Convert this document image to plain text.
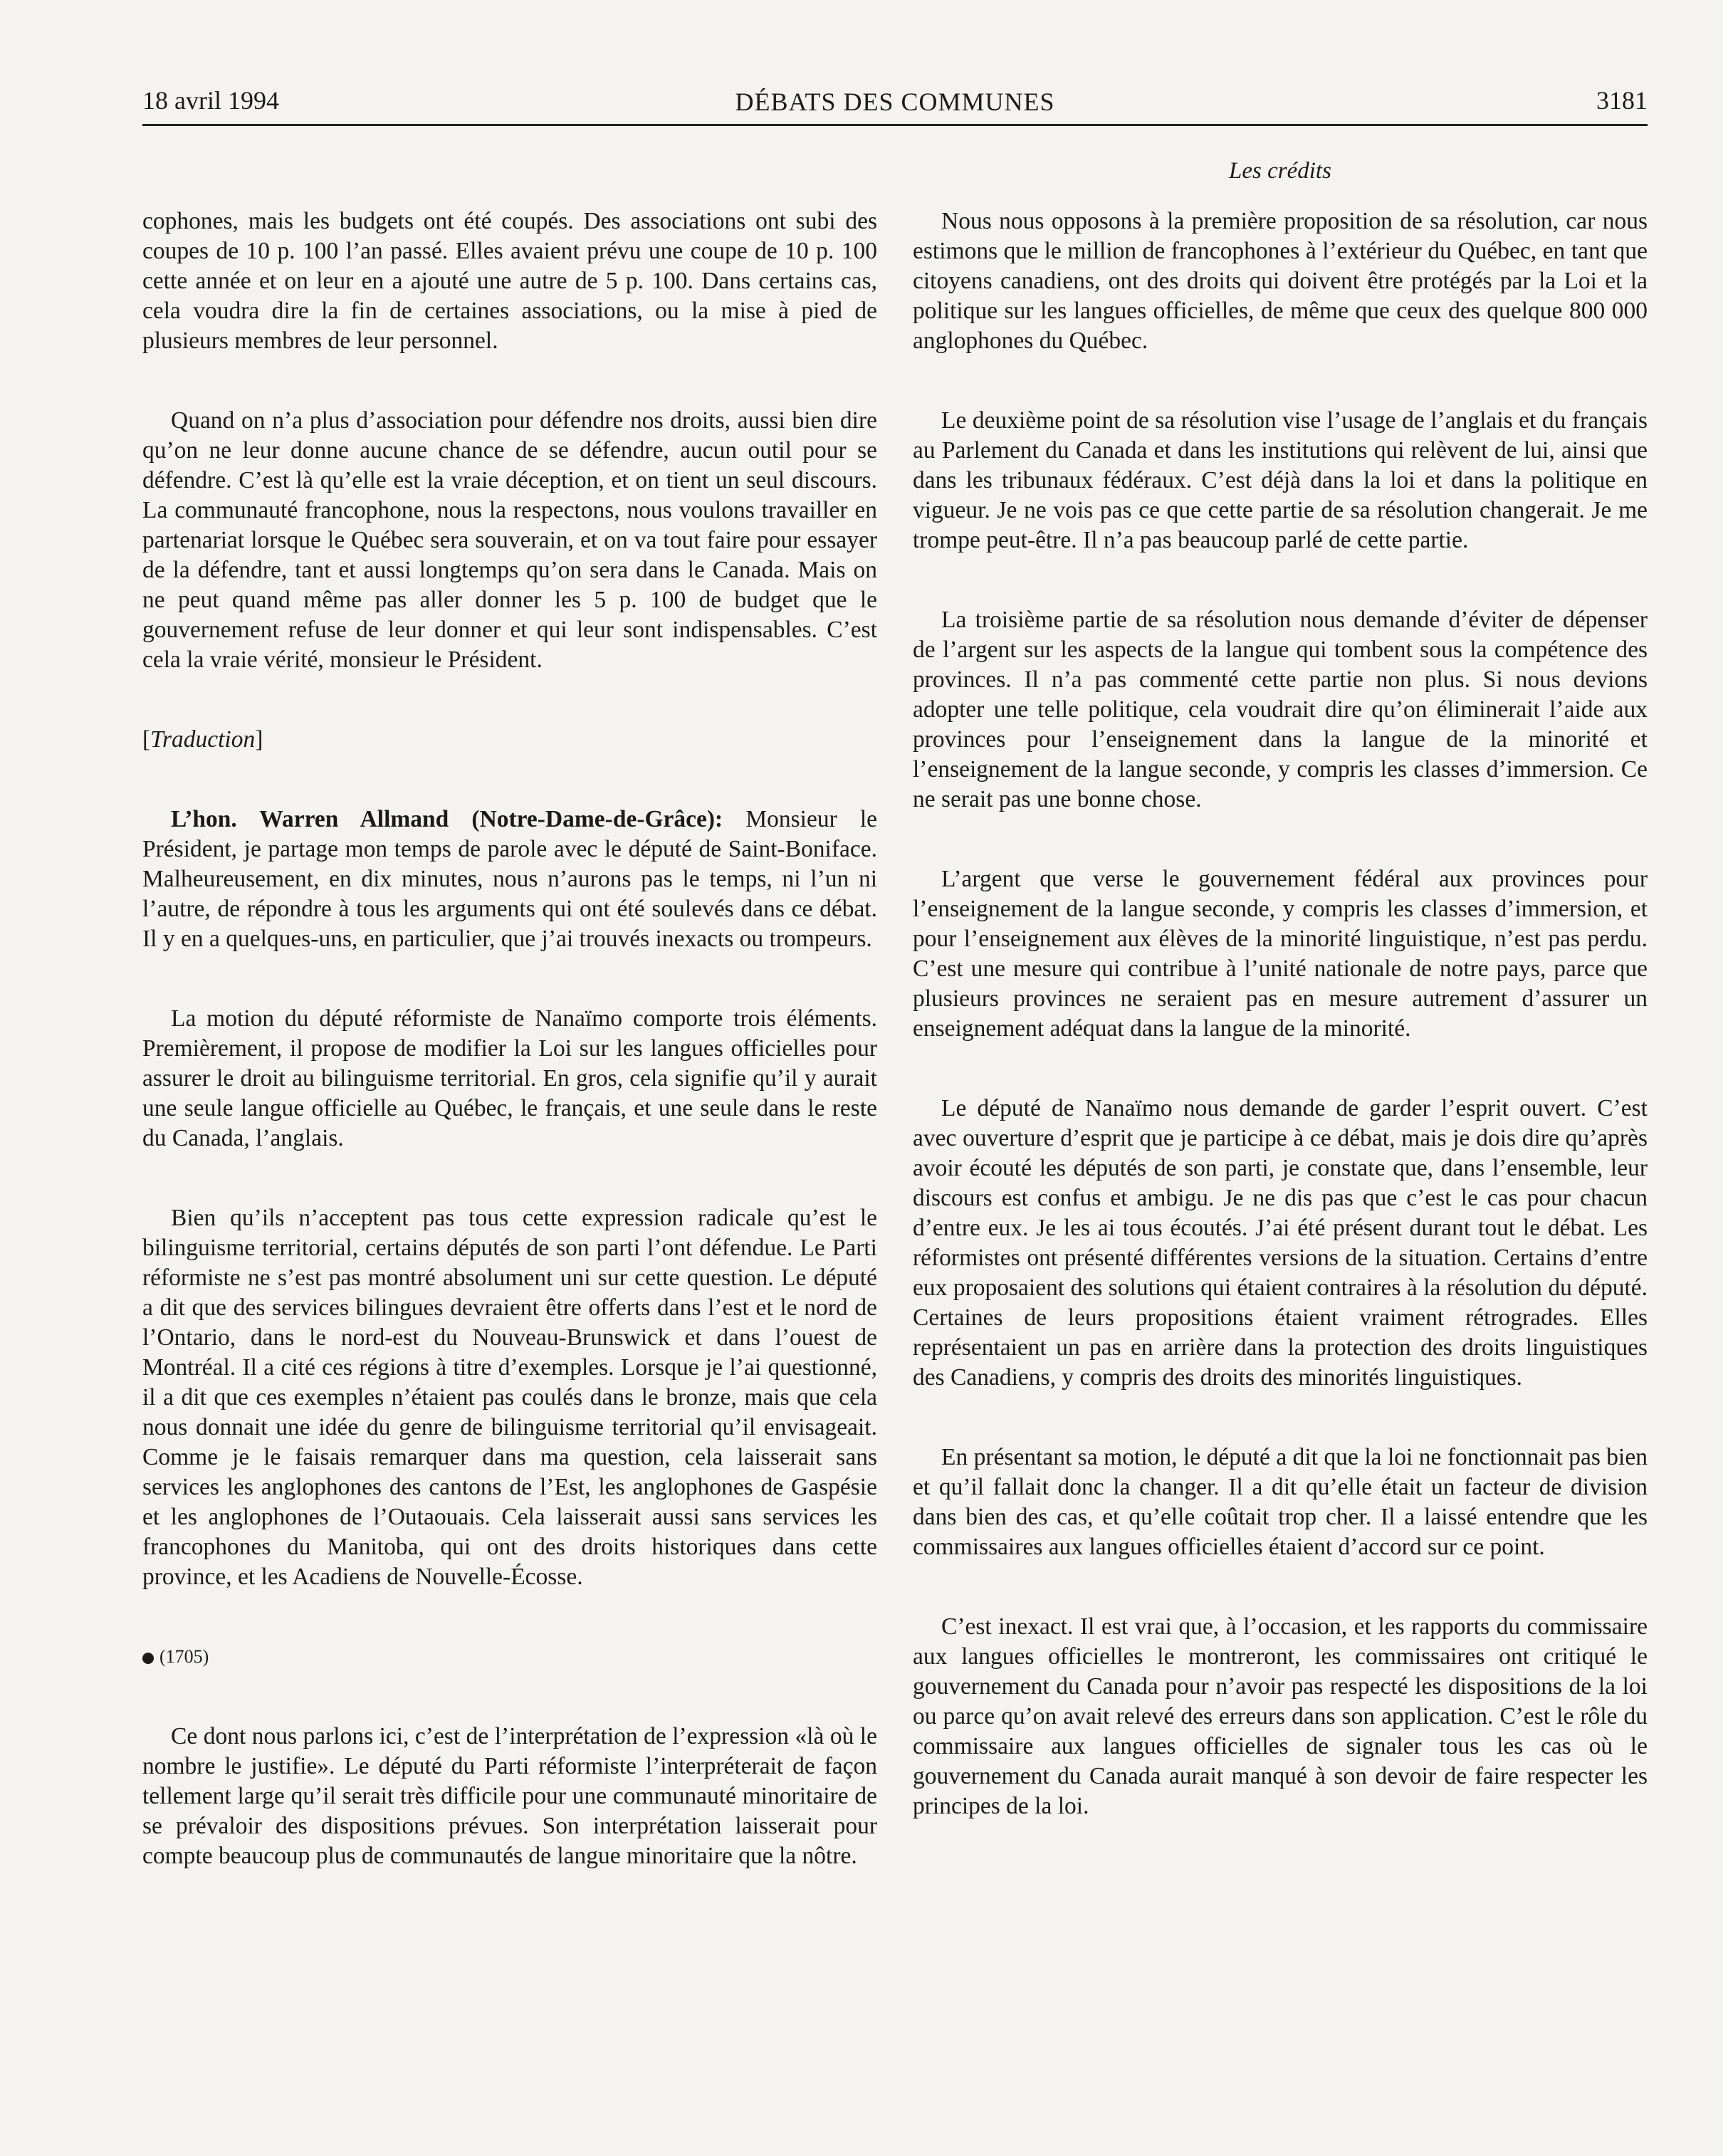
18 avril 1994	DÉBATS DES COMMUNES	3181
Les crédits

cophones, mais les budgets ont été coupés. Des associations ont subi des coupes de 10 p. 100 l’an passé. Elles avaient prévu une coupe de 10 p. 100 cette année et on leur en a ajouté une autre de 5 p. 100. Dans certains cas, cela voudra dire la fin de certaines associations, ou la mise à pied de plusieurs membres de leur personnel.

Quand on n’a plus d’association pour défendre nos droits, aussi bien dire qu’on ne leur donne aucune chance de se défendre, aucun outil pour se défendre. C’est là qu’elle est la vraie déception, et on tient un seul discours. La communauté francophone, nous la respectons, nous voulons travailler en partenariat lorsque le Québec sera souverain, et on va tout faire pour essayer de la défendre, tant et aussi longtemps qu’on sera dans le Canada. Mais on ne peut quand même pas aller donner les 5 p. 100 de budget que le gouvernement refuse de leur donner et qui leur sont indispensables. C’est cela la vraie vérité, monsieur le Président.

[Traduction]

L’hon. Warren Allmand (Notre-Dame-de-Grâce): Monsieur le Président, je partage mon temps de parole avec le député de Saint-Boniface. Malheureusement, en dix minutes, nous n’aurons pas le temps, ni l’un ni l’autre, de répondre à tous les arguments qui ont été soulevés dans ce débat. Il y en a quelques-uns, en particulier, que j’ai trouvés inexacts ou trompeurs.

La motion du député réformiste de Nanaïmo comporte trois éléments. Premièrement, il propose de modifier la Loi sur les langues officielles pour assurer le droit au bilinguisme territorial. En gros, cela signifie qu’il y aurait une seule langue officielle au Québec, le français, et une seule dans le reste du Canada, l’anglais.

Bien qu’ils n’acceptent pas tous cette expression radicale qu’est le bilinguisme territorial, certains députés de son parti l’ont défendue. Le Parti réformiste ne s’est pas montré absolument uni sur cette question. Le député a dit que des services bilingues devraient être offerts dans l’est et le nord de l’Ontario, dans le nord-est du Nouveau-Brunswick et dans l’ouest de Montréal. Il a cité ces régions à titre d’exemples. Lorsque je l’ai questionné, il a dit que ces exemples n’étaient pas coulés dans le bronze, mais que cela nous donnait une idée du genre de bilinguisme territorial qu’il envisageait. Comme je le faisais remarquer dans ma question, cela laisserait sans services les anglophones des cantons de l’Est, les anglophones de Gaspésie et les anglophones de l’Outaouais. Cela laisserait aussi sans services les francophones du Manitoba, qui ont des droits historiques dans cette province, et les Acadiens de Nouvelle-Écosse.

(1705)

Ce dont nous parlons ici, c’est de l’interprétation de l’expression «là où le nombre le justifie». Le député du Parti réformiste l’interpréterait de façon tellement large qu’il serait très difficile pour une communauté minoritaire de se prévaloir des dispositions prévues. Son interprétation laisserait pour compte beaucoup plus de communautés de langue minoritaire que la nôtre.

Nous nous opposons à la première proposition de sa résolution, car nous estimons que le million de francophones à l’extérieur du Québec, en tant que citoyens canadiens, ont des droits qui doivent être protégés par la Loi et la politique sur les langues officielles, de même que ceux des quelque 800 000 anglophones du Québec.

Le deuxième point de sa résolution vise l’usage de l’anglais et du français au Parlement du Canada et dans les institutions qui relèvent de lui, ainsi que dans les tribunaux fédéraux. C’est déjà dans la loi et dans la politique en vigueur. Je ne vois pas ce que cette partie de sa résolution changerait. Je me trompe peut-être. Il n’a pas beaucoup parlé de cette partie.

La troisième partie de sa résolution nous demande d’éviter de dépenser de l’argent sur les aspects de la langue qui tombent sous la compétence des provinces. Il n’a pas commenté cette partie non plus. Si nous devions adopter une telle politique, cela voudrait dire qu’on éliminerait l’aide aux provinces pour l’enseignement dans la langue de la minorité et l’enseignement de la langue seconde, y compris les classes d’immersion. Ce ne serait pas une bonne chose.

L’argent que verse le gouvernement fédéral aux provinces pour l’enseignement de la langue seconde, y compris les classes d’immersion, et pour l’enseignement aux élèves de la minorité linguistique, n’est pas perdu. C’est une mesure qui contribue à l’unité nationale de notre pays, parce que plusieurs provinces ne seraient pas en mesure autrement d’assurer un enseignement adéquat dans la langue de la minorité.

Le député de Nanaïmo nous demande de garder l’esprit ouvert. C’est avec ouverture d’esprit que je participe à ce débat, mais je dois dire qu’après avoir écouté les députés de son parti, je constate que, dans l’ensemble, leur discours est confus et ambigu. Je ne dis pas que c’est le cas pour chacun d’entre eux. Je les ai tous écoutés. J’ai été présent durant tout le débat. Les réformistes ont présenté différentes versions de la situation. Certains d’entre eux proposaient des solutions qui étaient contraires à la résolution du député. Certaines de leurs propositions étaient vraiment rétrogrades. Elles représentaient un pas en arrière dans la protection des droits linguistiques des Canadiens, y compris des droits des minorités linguistiques.

En présentant sa motion, le député a dit que la loi ne fonctionnait pas bien et qu’il fallait donc la changer. Il a dit qu’elle était un facteur de division dans bien des cas, et qu’elle coûtait trop cher. Il a laissé entendre que les commissaires aux langues officielles étaient d’accord sur ce point.

C’est inexact. Il est vrai que, à l’occasion, et les rapports du commissaire aux langues officielles le montreront, les commissaires ont critiqué le gouvernement du Canada pour n’avoir pas respecté les dispositions de la loi ou parce qu’on avait relevé des erreurs dans son application. C’est le rôle du commissaire aux langues officielles de signaler tous les cas où le gouvernement du Canada aurait manqué à son devoir de faire respecter les principes de la loi.
